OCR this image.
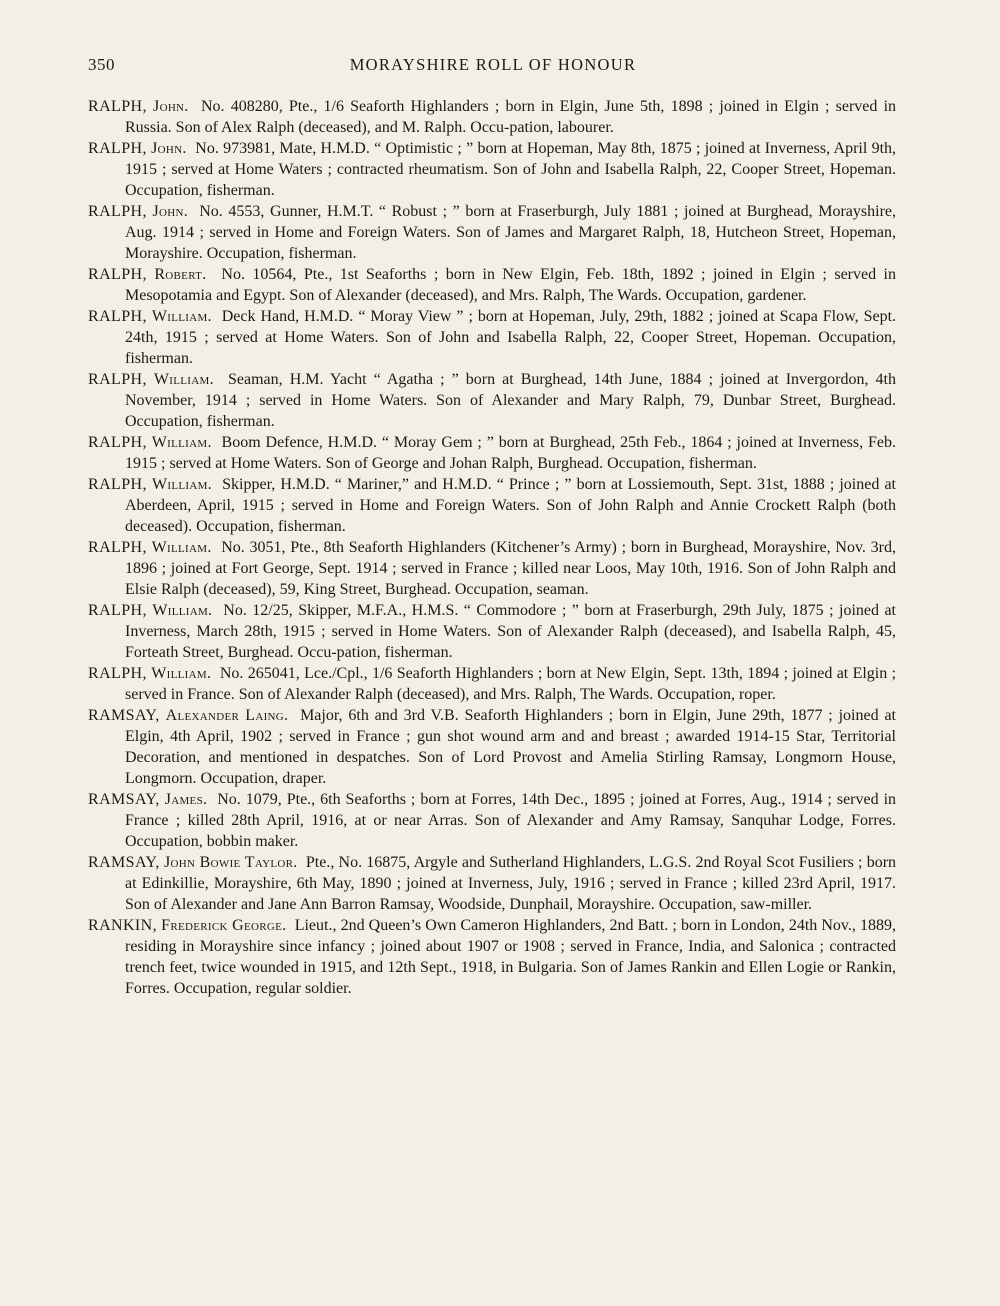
350	MORAYSHIRE ROLL OF HONOUR

RALPH, John. No. 408280, Pte., 1/6 Seaforth Highlanders ; born in Elgin, June 5th, 1898 ; joined in Elgin ; served in Russia. Son of Alex Ralph (deceased), and M. Ralph. Occu-pation, labourer.

RALPH, John. No. 973981, Mate, H.M.D. “ Optimistic ; ” born at Hopeman, May 8th, 1875 ; joined at Inverness, April 9th, 1915 ; served at Home Waters ; contracted rheumatism. Son of John and Isabella Ralph, 22, Cooper Street, Hopeman. Occupation, fisherman.

RALPH, John. No. 4553, Gunner, H.M.T. “ Robust ; ” born at Fraserburgh, July 1881 ; joined at Burghead, Morayshire, Aug. 1914 ; served in Home and Foreign Waters. Son of James and Margaret Ralph, 18, Hutcheon Street, Hopeman, Morayshire. Occupation, fisherman.

RALPH, Robert. No. 10564, Pte., 1st Seaforths ; born in New Elgin, Feb. 18th, 1892 ; joined in Elgin ; served in Mesopotamia and Egypt. Son of Alexander (deceased), and Mrs. Ralph, The Wards. Occupation, gardener.

RALPH, William. Deck Hand, H.M.D. “ Moray View ” ; born at Hopeman, July, 29th, 1882 ; joined at Scapa Flow, Sept. 24th, 1915 ; served at Home Waters. Son of John and Isabella Ralph, 22, Cooper Street, Hopeman. Occupation, fisherman.

RALPH, William. Seaman, H.M. Yacht “ Agatha ; ” born at Burghead, 14th June, 1884 ; joined at Invergordon, 4th November, 1914 ; served in Home Waters. Son of Alexander and Mary Ralph, 79, Dunbar Street, Burghead. Occupation, fisherman.

RALPH, William. Boom Defence, H.M.D. “ Moray Gem ; ” born at Burghead, 25th Feb., 1864 ; joined at Inverness, Feb. 1915 ; served at Home Waters. Son of George and Johan Ralph, Burghead. Occupation, fisherman.

RALPH, William. Skipper, H.M.D. “ Mariner,” and H.M.D. “ Prince ; ” born at Lossiemouth, Sept. 31st, 1888 ; joined at Aberdeen, April, 1915 ; served in Home and Foreign Waters. Son of John Ralph and Annie Crockett Ralph (both deceased). Occupation, fisherman.

RALPH, William. No. 3051, Pte., 8th Seaforth Highlanders (Kitchener’s Army) ; born in Burghead, Morayshire, Nov. 3rd, 1896 ; joined at Fort George, Sept. 1914 ; served in France ; killed near Loos, May 10th, 1916. Son of John Ralph and Elsie Ralph (deceased), 59, King Street, Burghead. Occupation, seaman.

RALPH, William. No. 12/25, Skipper, M.F.A., H.M.S. “ Commodore ; ” born at Fraserburgh, 29th July, 1875 ; joined at Inverness, March 28th, 1915 ; served in Home Waters. Son of Alexander Ralph (deceased), and Isabella Ralph, 45, Forteath Street, Burghead. Occu-pation, fisherman.

RALPH, William. No. 265041, Lce./Cpl., 1/6 Seaforth Highlanders ; born at New Elgin, Sept. 13th, 1894 ; joined at Elgin ; served in France. Son of Alexander Ralph (deceased), and Mrs. Ralph, The Wards. Occupation, roper.

RAMSAY, Alexander Laing. Major, 6th and 3rd V.B. Seaforth Highlanders ; born in Elgin, June 29th, 1877 ; joined at Elgin, 4th April, 1902 ; served in France ; gun shot wound arm and and breast ; awarded 1914-15 Star, Territorial Decoration, and mentioned in despatches. Son of Lord Provost and Amelia Stirling Ramsay, Longmorn House, Longmorn. Occupation, draper.

RAMSAY, James. No. 1079, Pte., 6th Seaforths ; born at Forres, 14th Dec., 1895 ; joined at Forres, Aug., 1914 ; served in France ; killed 28th April, 1916, at or near Arras. Son of Alexander and Amy Ramsay, Sanquhar Lodge, Forres. Occupation, bobbin maker.

RAMSAY, John Bowie Taylor. Pte., No. 16875, Argyle and Sutherland Highlanders, L.G.S. 2nd Royal Scot Fusiliers ; born at Edinkillie, Morayshire, 6th May, 1890 ; joined at Inverness, July, 1916 ; served in France ; killed 23rd April, 1917. Son of Alexander and Jane Ann Barron Ramsay, Woodside, Dunphail, Morayshire. Occupation, saw-miller.

RANKIN, Frederick George. Lieut., 2nd Queen’s Own Cameron Highlanders, 2nd Batt. ; born in London, 24th Nov., 1889, residing in Morayshire since infancy ; joined about 1907 or 1908 ; served in France, India, and Salonica ; contracted trench feet, twice wounded in 1915, and 12th Sept., 1918, in Bulgaria. Son of James Rankin and Ellen Logie or Rankin, Forres. Occupation, regular soldier.
